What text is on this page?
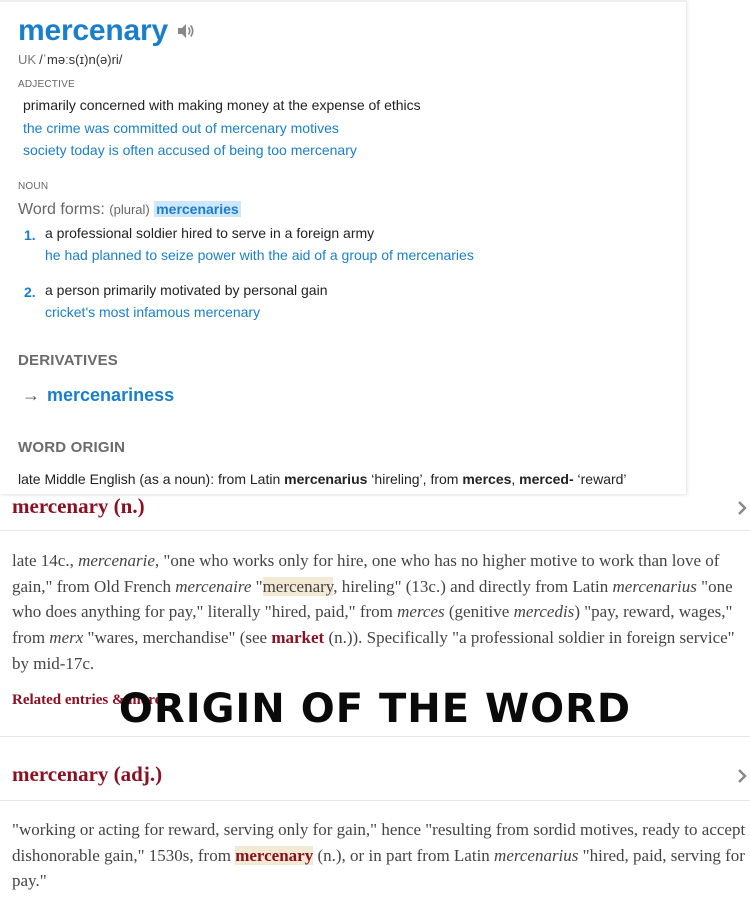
mercenary
UK /ˈməːs(ɪ)n(ə)ri/
ADJECTIVE
primarily concerned with making money at the expense of ethics
the crime was committed out of mercenary motives
society today is often accused of being too mercenary
NOUN
Word forms: (plural) mercenaries
1. a professional soldier hired to serve in a foreign army
he had planned to seize power with the aid of a group of mercenaries
2. a person primarily motivated by personal gain
cricket's most infamous mercenary
DERIVATIVES
→ mercenariness
WORD ORIGIN
late Middle English (as a noun): from Latin mercenarius ‘hireling’, from merces, merced- ‘reward’
mercenary (n.)
late 14c., mercenarie, "one who works only for hire, one who has no higher motive to work than love of gain," from Old French mercenaire "mercenary, hireling" (13c.) and directly from Latin mercenarius "one who does anything for pay," literally "hired, paid," from merces (genitive mercedis) "pay, reward, wages," from merx "wares, merchandise" (see market (n.)). Specifically "a professional soldier in foreign service" by mid-17c.
Related entries & more
ORIGIN OF THE WORD
mercenary (adj.)
"working or acting for reward, serving only for gain," hence "resulting from sordid motives, ready to accept dishonorable gain," 1530s, from mercenary (n.), or in part from Latin mercenarius "hired, paid, serving for pay."
